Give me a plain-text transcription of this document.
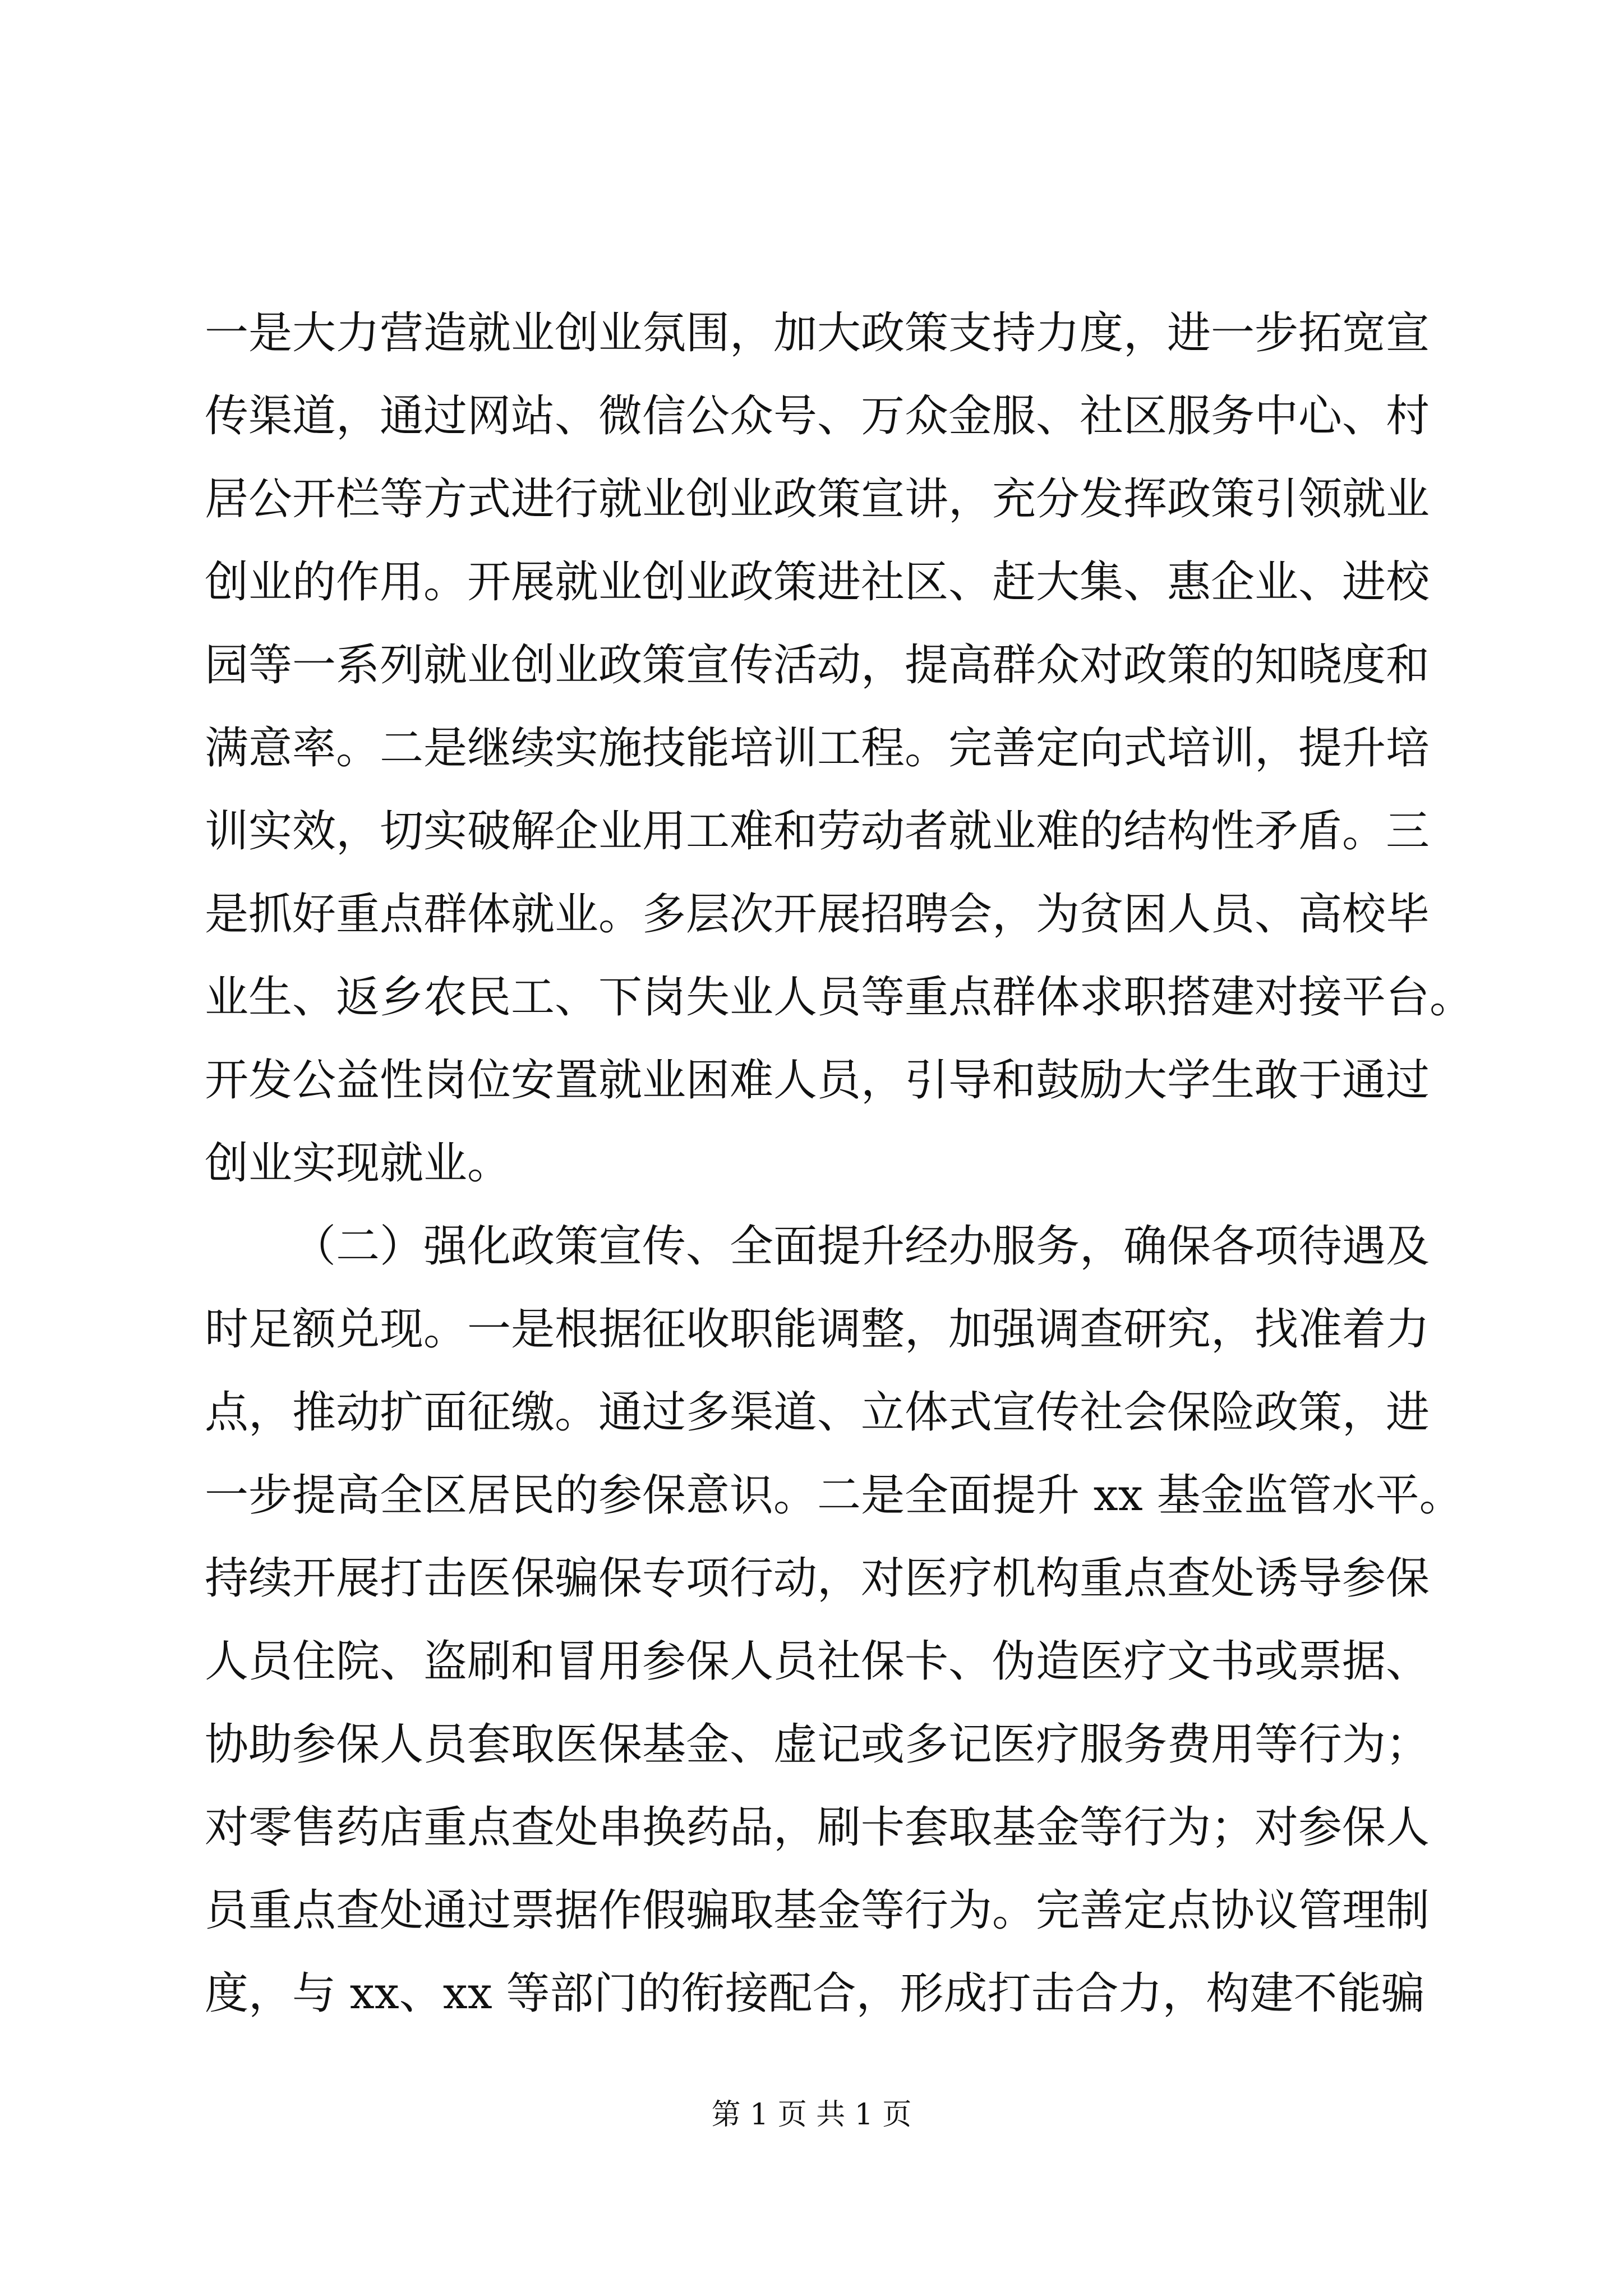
一是大力营造就业创业氛围，加大政策支持力度，进一步拓宽宣
传渠道，通过网站、微信公众号、万众金服、社区服务中心、村
居公开栏等方式进行就业创业政策宣讲，充分发挥政策引领就业
创业的作用。开展就业创业政策进社区、赶大集、惠企业、进校
园等一系列就业创业政策宣传活动，提高群众对政策的知晓度和
满意率。二是继续实施技能培训工程。完善定向式培训，提升培
训实效，切实破解企业用工难和劳动者就业难的结构性矛盾。三
是抓好重点群体就业。多层次开展招聘会，为贫困人员、高校毕
业生、返乡农民工、下岗失业人员等重点群体求职搭建对接平台。
开发公益性岗位安置就业困难人员，引导和鼓励大学生敢于通过
创业实现就业。
（二）强化政策宣传、全面提升经办服务，确保各项待遇及
时足额兑现。一是根据征收职能调整，加强调查研究，找准着力
点，推动扩面征缴。通过多渠道、立体式宣传社会保险政策，进
一步提高全区居民的参保意识。二是全面提升 xx 基金监管水平。
持续开展打击医保骗保专项行动，对医疗机构重点查处诱导参保
人员住院、盗刷和冒用参保人员社保卡、伪造医疗文书或票据、
协助参保人员套取医保基金、虚记或多记医疗服务费用等行为；
对零售药店重点查处串换药品，刷卡套取基金等行为；对参保人
员重点查处通过票据作假骗取基金等行为。完善定点协议管理制
度，与 xx、xx 等部门的衔接配合，形成打击合力，构建不能骗
第 1 页 共 1 页
